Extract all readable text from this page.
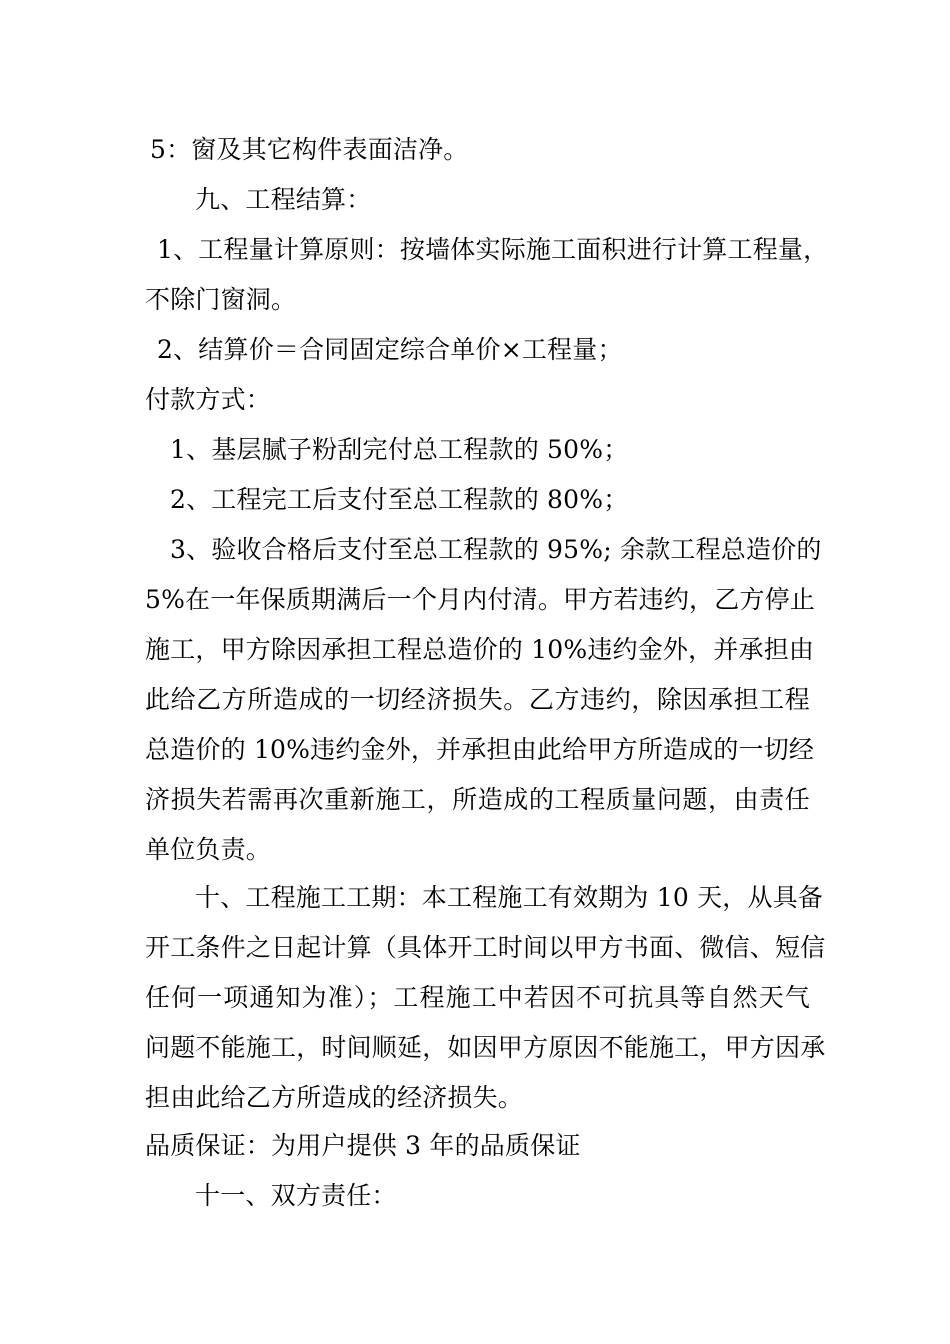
5：窗及其它构件表面洁净。
九、工程结算：
1、工程量计算原则：按墙体实际施工面积进行计算工程量，
不除门窗洞。
2、结算价＝合同固定综合单价×工程量；
付款方式：
1、基层腻子粉刮完付总工程款的 50%；
2、工程完工后支付至总工程款的 80%；
3、验收合格后支付至总工程款的 95%; 余款工程总造价的
5%在一年保质期满后一个月内付清。甲方若违约，乙方停止
施工，甲方除因承担工程总造价的 10%违约金外，并承担由
此给乙方所造成的一切经济损失。乙方违约，除因承担工程
总造价的 10%违约金外，并承担由此给甲方所造成的一切经
济损失若需再次重新施工，所造成的工程质量问题，由责任
单位负责。
十、工程施工工期：本工程施工有效期为 10 天，从具备
开工条件之日起计算（具体开工时间以甲方书面、微信、短信
任何一项通知为准）；工程施工中若因不可抗具等自然天气
问题不能施工，时间顺延，如因甲方原因不能施工，甲方因承
担由此给乙方所造成的经济损失。
品质保证：为用户提供 3 年的品质保证
十一、双方责任：
